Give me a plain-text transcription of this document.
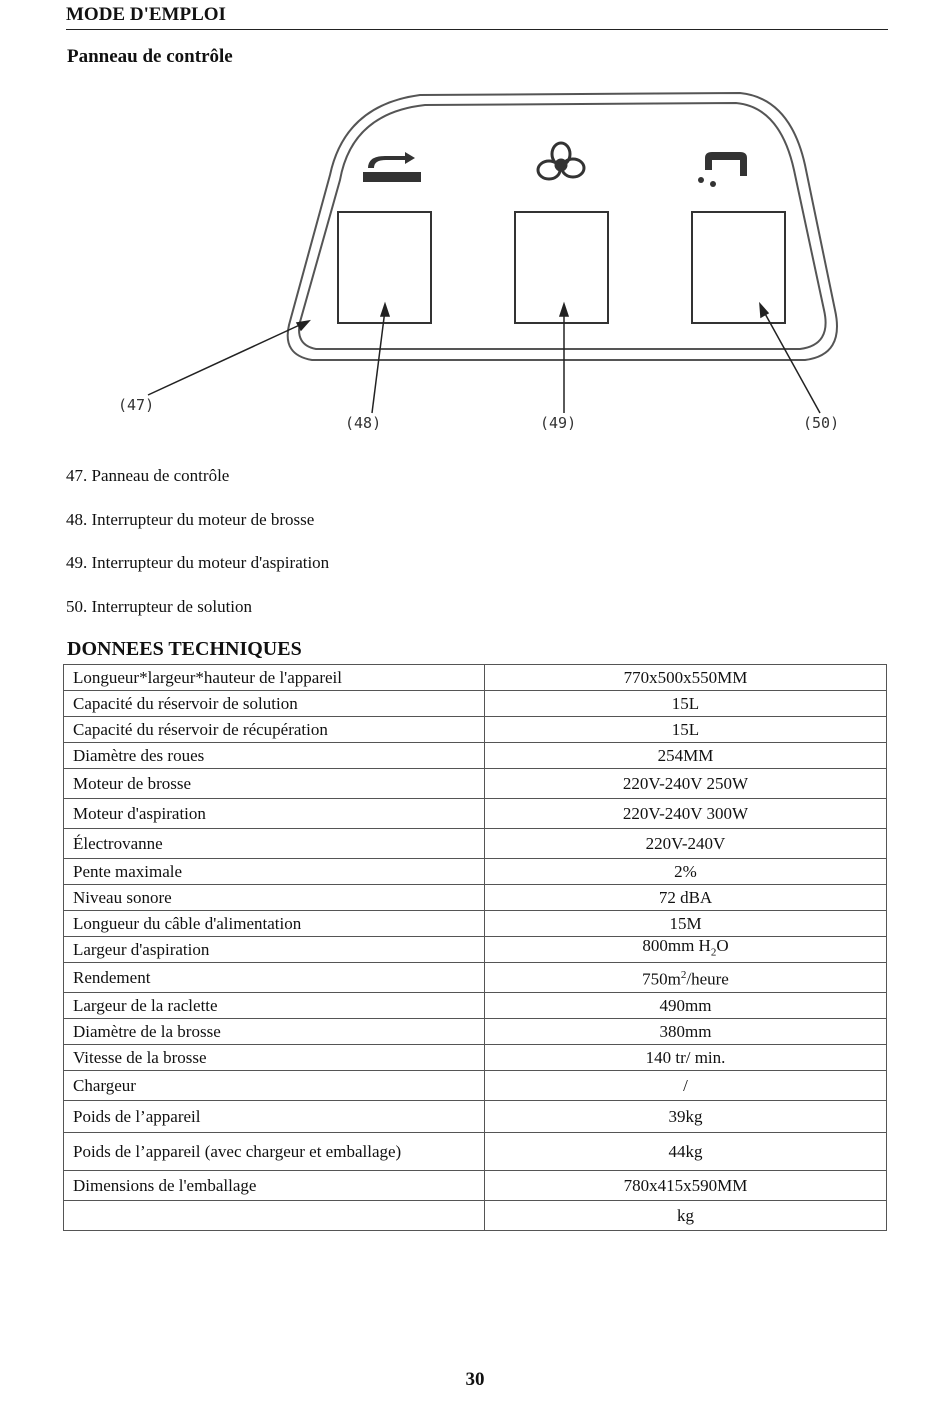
MODE D'EMPLOI
Panneau de contrôle
(47)
(48)	(49)	(50)
47. Panneau de contrôle
48. Interrupteur du moteur de brosse
49. Interrupteur du moteur d'aspiration
50. Interrupteur de solution
DONNEES TECHNIQUES
Longueur*largeur*hauteur de l'appareil	770x500x550MM
Capacité du réservoir de solution	15L
Capacité du réservoir de récupération	15L
Diamètre des roues	254MM
Moteur de brosse	220V-240V 250W
Moteur d'aspiration	220V-240V 300W
Électrovanne	220V-240V
Pente maximale	2%
Niveau sonore	72 dBA
Longueur du câble d'alimentation	15M
Largeur d'aspiration	800mm $H_2O$
Rendement	$750m^2$/heure
Largeur de la raclette	490mm
Diamètre de la brosse	380mm
Vitesse de la brosse	140 tr/ min.
Chargeur	/
Poids de l’appareil	39kg
Poids de l’appareil (avec chargeur et emballage)	44kg
Dimensions de l'emballage	780x415x590MM
	kg
30
